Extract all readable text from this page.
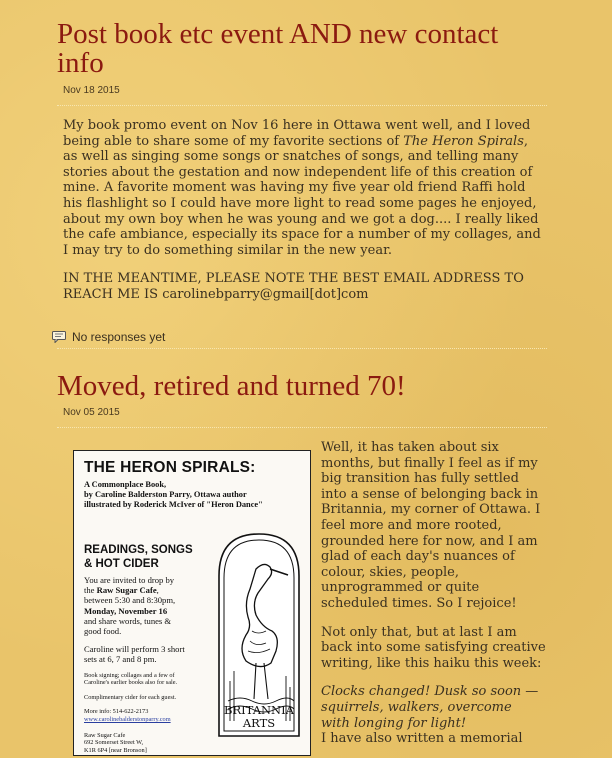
Post book etc event AND new contact info
Nov 18 2015

My book promo event on Nov 16 here in Ottawa went well, and I loved being able to share some of my favorite sections of The Heron Spirals, as well as singing some songs or snatches of songs, and telling many stories about the gestation and now independent life of this creation of mine. A favorite moment was having my five year old friend Raffi hold his flashlight so I could have more light to read some pages he enjoyed, about my own boy when he was young and we got a dog.... I really liked the cafe ambiance, especially its space for a number of my collages, and I may try to do something similar in the new year.

IN THE MEANTIME, PLEASE NOTE THE BEST EMAIL ADDRESS TO REACH ME IS carolinebparry@gmail[dot]com

No responses yet
Moved, retired and turned 70!
Nov 05 2015
THE HERON SPIRALS:
A Commonplace Book,
by Caroline Balderston Parry, Ottawa author
illustrated by Roderick McIver of "Heron Dance"
READINGS, SONGS
& HOT CIDER
You are invited to drop by
the Raw Sugar Cafe,
between 5:30 and 8:30pm,
Monday, November 16
and share words, tunes &
good food.
Caroline will perform 3 short
sets at 6, 7 and 8 pm.
Book signing; collages and a few of
Caroline's earlier books also for sale.
Complimentary cider for each guest.
More info: 514-622-2173
www.carolinebalderstonparry.com
Raw Sugar Cafe
692 Somerset Street W,
K1R 6P4 [near Bronson]
BRITANNIA
ARTS

Well, it has taken about six months, but finally I feel as if my big transition has fully settled into a sense of belonging back in Britannia, my corner of Ottawa. I feel more and more rooted, grounded here for now, and I am glad of each day's nuances of colour, skies, people, unprogrammed or quite scheduled times. So I rejoice!

Not only that, but at last I am back into some satisfying creative writing, like this haiku this week:

Clocks changed! Dusk so soon —

squirrels, walkers, overcome

with longing for light!

I have also written a memorial
